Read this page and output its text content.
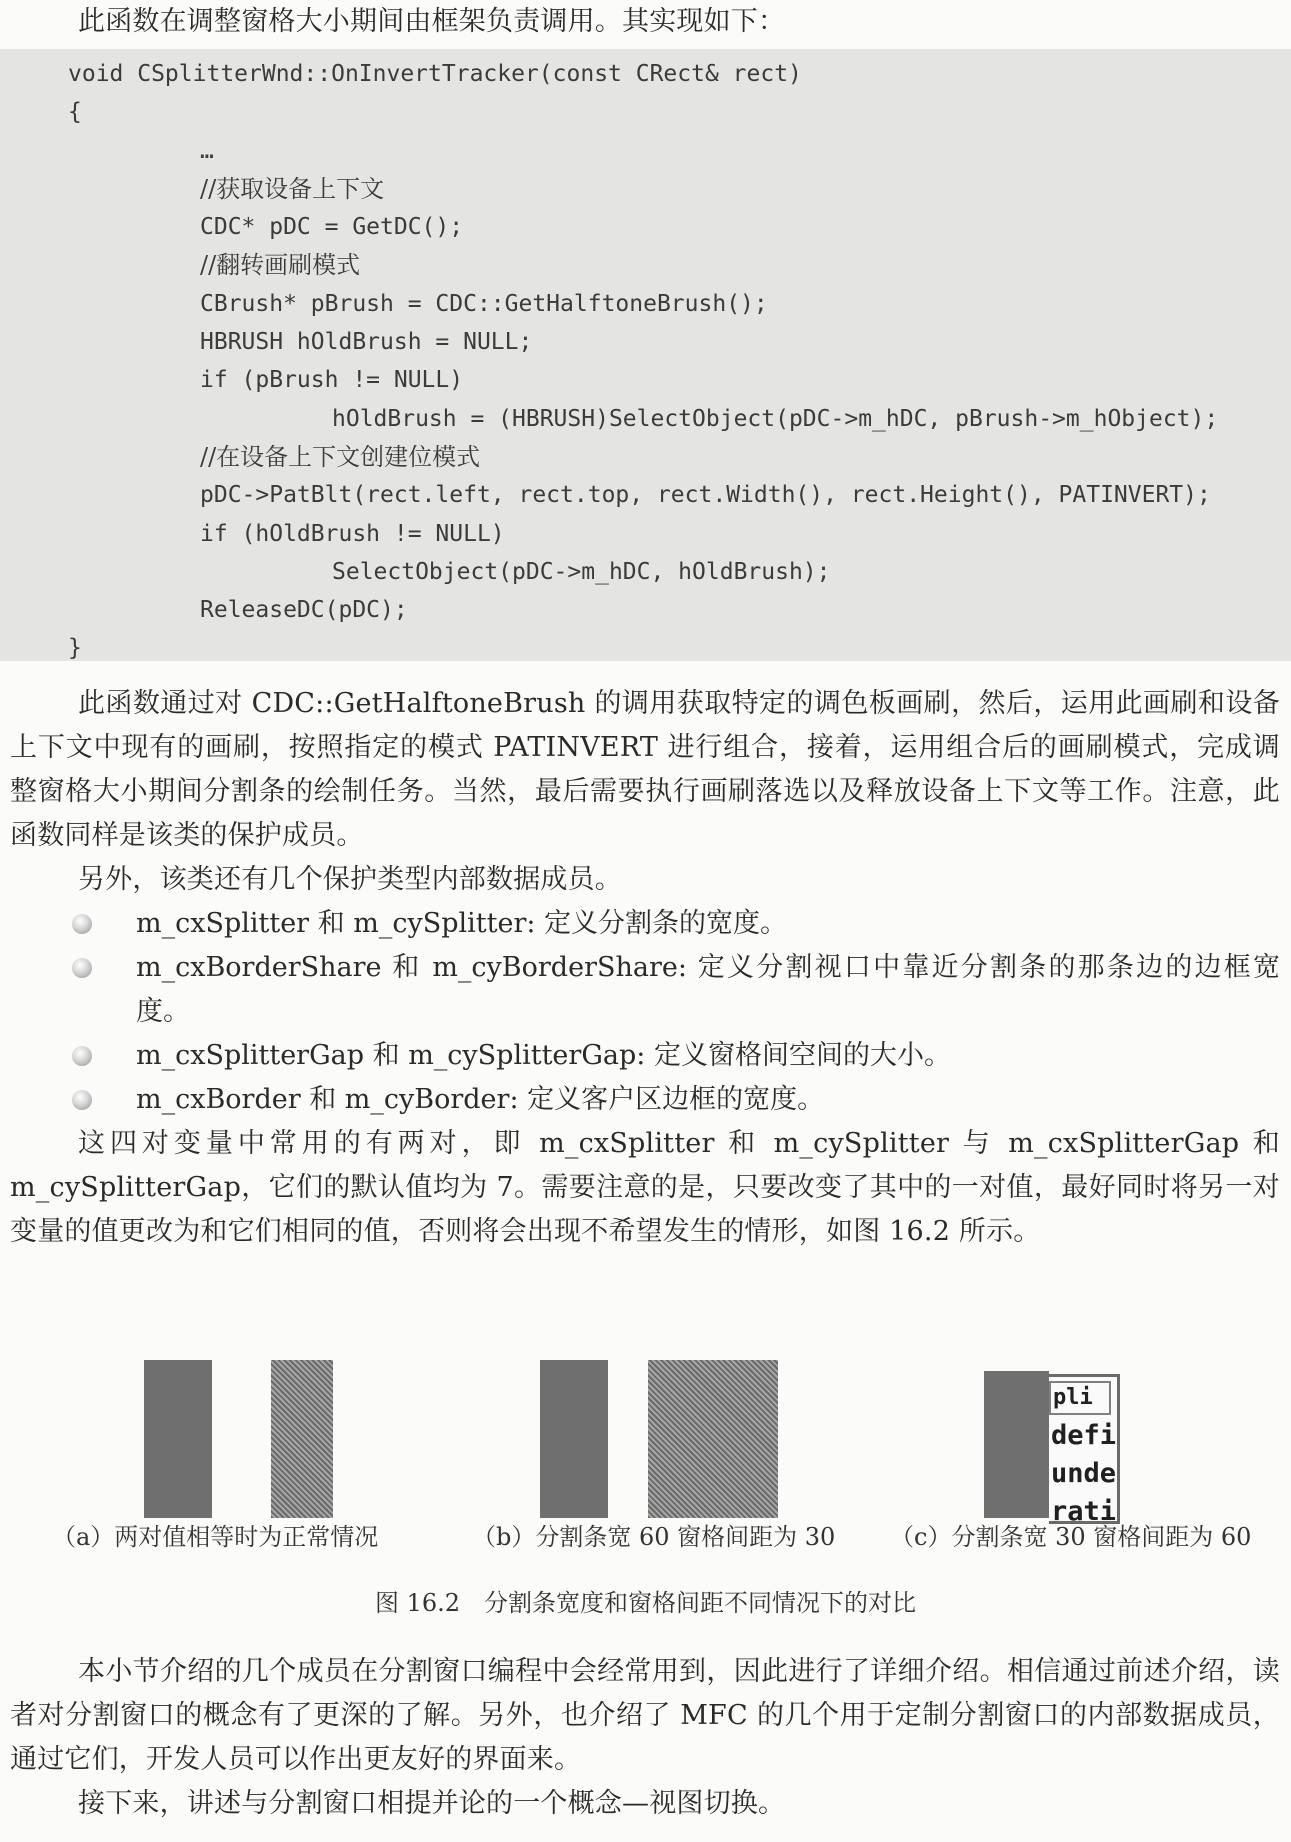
此函数在调整窗格大小期间由框架负责调用。其实现如下：

void CSplitterWnd::OnInvertTracker(const CRect& rect)
{
…
//获取设备上下文
CDC* pDC = GetDC();
//翻转画刷模式
CBrush* pBrush = CDC::GetHalftoneBrush();
HBRUSH hOldBrush = NULL;
if (pBrush != NULL)
hOldBrush = (HBRUSH)SelectObject(pDC->m_hDC, pBrush->m_hObject);
//在设备上下文创建位模式
pDC->PatBlt(rect.left, rect.top, rect.Width(), rect.Height(), PATINVERT);
if (hOldBrush != NULL)
SelectObject(pDC->m_hDC, hOldBrush);
ReleaseDC(pDC);
}

此函数通过对 CDC::GetHalftoneBrush 的调用获取特定的调色板画刷，然后，运用此画刷和设备上下文中现有的画刷，按照指定的模式 PATINVERT 进行组合，接着，运用组合后的画刷模式，完成调整窗格大小期间分割条的绘制任务。当然，最后需要执行画刷落选以及释放设备上下文等工作。注意，此函数同样是该类的保护成员。

另外，该类还有几个保护类型内部数据成员。

m_cxSplitter 和 m_cySplitter: 定义分割条的宽度。
m_cxBorderShare 和 m_cyBorderShare: 定义分割视口中靠近分割条的那条边的边框宽度。
m_cxSplitterGap 和 m_cySplitterGap: 定义窗格间空间的大小。
m_cxBorder 和 m_cyBorder: 定义客户区边框的宽度。

这四对变量中常用的有两对，即 m_cxSplitter 和 m_cySplitter 与 m_cxSplitterGap 和 m_cySplitterGap，它们的默认值均为 7。需要注意的是，只要改变了其中的一对值，最好同时将另一对变量的值更改为和它们相同的值，否则将会出现不希望发生的情形，如图 16.2 所示。

pli
defi
unde
rati
（a）两对值相等时为正常情况	（b）分割条宽 60 窗格间距为 30 （c）分割条宽 30 窗格间距为 60
图 16.2　分割条宽度和窗格间距不同情况下的对比

本小节介绍的几个成员在分割窗口编程中会经常用到，因此进行了详细介绍。相信通过前述介绍，读者对分割窗口的概念有了更深的了解。另外，也介绍了 MFC 的几个用于定制分割窗口的内部数据成员，通过它们，开发人员可以作出更友好的界面来。

接下来，讲述与分割窗口相提并论的一个概念—视图切换。
